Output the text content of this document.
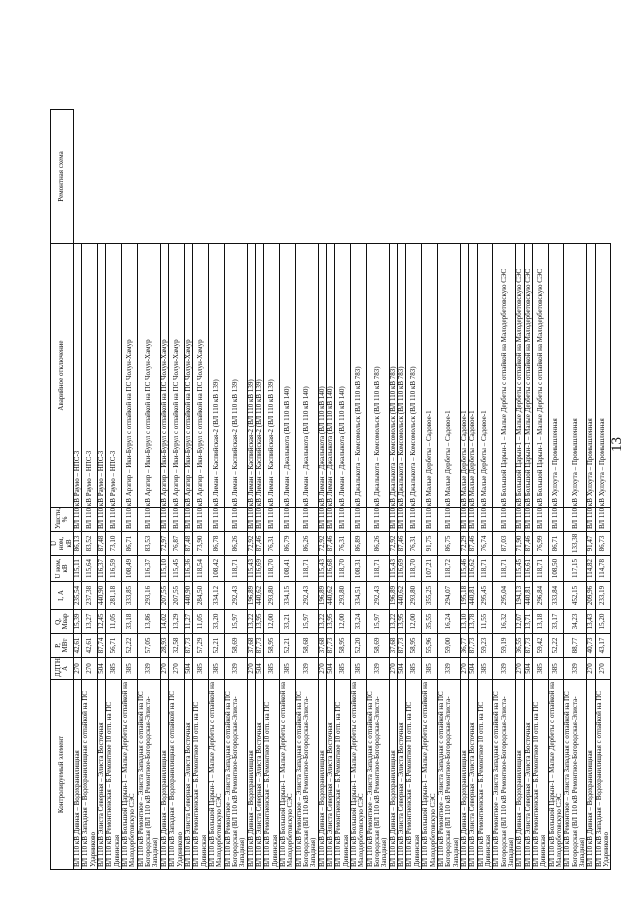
Контролируемый элемент	ДДТН, А	Р, МВт	Q, Мвар	I, А	U ном, кВ	U ном, кВ	Ушстн, %	Аварийное отключение	Ремонтная схема
ВЛ 110 кВ Дивная – Водохранилищная	270	42,61	15,39	235,54	115,11	86,13	ВЛ 110 кВ Раумо – НПС-3		
ВЛ 110 кВ Западная – Водохранилищная с отпайкой на ПС Ударниково	270	42,61	13,27	237,38	115,64	83,52	ВЛ 110 кВ Раумо – НПС-3		
ВЛ 110 кВ Элиста Северная – Элиста Восточная	504	87,74	12,45	440,90	116,37	87,48	ВЛ 110 кВ Раумо – НПС-3		
ВЛ 110 кВ Ремонтненская – Б.Ремонтное 10 отп. на ПС Дивинская	385	56,71	11,05	281,18	116,59	73,10	ВЛ 110 кВ Раумо – НПС-3		
ВЛ 110 кВ Большой Царын-1 – Малые Дербеты с отпайкой на Малодербетовскую СЭС	385	52,22	33,18	333,85	108,49	86,71	ВЛ 110 кВ Арзгир – Ики-Бурул с отпайкой на ПС Чолун-Хамур		
ВЛ 110 кВ Ремонтное – Элиста Западная с отпайкой на ПС Богородская (ВЛ 110 кВ Ремонтное-Богородская-Элиста-Западная)	339	57,05	13,86	293,16	116,37	83,53	ВЛ 110 кВ Арзгир – Ики-Бурул с отпайкой на ПС Чолун-Хамур		
ВЛ 110 кВ Дивная – Водохранилищная	270	28,93	14,02	207,55	115,10	72,97	ВЛ 110 кВ Арзгир – Ики-Бурул с отпайкой на ПС Чолун-Хамур		
ВЛ 110 кВ Западная – Водохранилищная с отпайкой на ПС Ударниково	270	32,58	13,29	207,55	115,45	76,87	ВЛ 110 кВ Арзгир – Ики-Бурул с отпайкой на ПС Чолун-Хамур		
ВЛ 110 кВ Элиста Северная – Элиста Восточная	504	87,73	11,27	440,90	116,36	87,48	ВЛ 110 кВ Арзгир – Ики-Бурул с отпайкой на ПС Чолун-Хамур		
ВЛ 110 кВ Ремонтненская – Б.Ремонтное 10 отп. на ПС Дивинская	385	57,29	11,05	284,50	118,54	73,90	ВЛ 110 кВ Арзгир – Ики-Бурул с отпайкой на ПС Чолун-Хамур		
ВЛ 110 кВ Большой Царын-1 – Малые Дербеты с отпайкой на Малодербетовскую СЭС	385	52,21	33,20	334,12	108,42	86,78	ВЛ 110 кВ Лиман – Каспийская-2 (ВЛ 110 кВ 139)		
ВЛ 110 кВ Ремонтное – Элиста Западная с отпайкой на ПС Богородская (ВЛ 110 кВ Ремонтное-Богородская-Элиста-Западная)	339	58,69	15,97	292,43	118,71	86,26	ВЛ 110 кВ Лиман – Каспийская-2 (ВЛ 110 кВ 139)		
ВЛ 110 кВ Дивная – Водохранилищная	270	37,68	13,22	196,89	115,43	72,92	ВЛ 110 кВ Лиман – Каспийская-2 (ВЛ 110 кВ 139)		
ВЛ 110 кВ Элиста Северная – Элиста Восточная	504	87,73	13,95	440,62	116,69	87,46	ВЛ 110 кВ Лиман – Каспийская-2 (ВЛ 110 кВ 139)		
ВЛ 110 кВ Ремонтненская – Б.Ремонтное 10 отп. на ПС Дивинская	385	58,95	12,00	293,80	118,70	76,31	ВЛ 110 кВ Лиман – Каспийская-2 (ВЛ 110 кВ 139)		
ВЛ 110 кВ Большой Царын-1 – Малые Дербеты с отпайкой на Малодербетовскую СЭС	385	52,21	33,21	334,15	108,41	86,79	ВЛ 110 кВ Лиман – Джалыкота (ВЛ 110 кВ 140)		
ВЛ 110 кВ Ремонтное – Элиста Западная с отпайкой на ПС Богородская (ВЛ 110 кВ Ремонтное-Богородская-Элиста-Западная)	339	58,68	15,97	292,43	118,71	86,26	ВЛ 110 кВ Лиман – Джалыкота (ВЛ 110 кВ 140)		
ВЛ 110 кВ Дивная – Водохранилищная	270	37,68	13,22	196,89	115,43	72,92	ВЛ 110 кВ Лиман – Джалыкота (ВЛ 110 кВ 140)		
ВЛ 110 кВ Элиста Северная – Элиста Восточная	504	87,73	13,95	440,62	116,68	87,46	ВЛ 110 кВ Лиман – Джалыкота (ВЛ 110 кВ 140)		
ВЛ 110 кВ Ремонтненская – Б.Ремонтное 10 отп. на ПС Дивинская	385	58,95	12,00	293,80	118,70	76,31	ВЛ 110 кВ Лиман – Джалыкота (ВЛ 110 кВ 140)		
ВЛ 110 кВ Большой Царын-1 – Малые Дербеты с отпайкой на Малодербетовскую СЭС	385	52,20	33,24	334,51	108,31	86,89	ВЛ 110 кВ Джалыкота – Комсомольск (ВЛ 110 кВ 783)		
ВЛ 110 кВ Ремонтное – Элиста Западная с отпайкой на ПС Богородская (ВЛ 110 кВ Ремонтное-Богородская-Элиста-Западная)	339	58,69	15,97	292,43	118,71	86,26	ВЛ 110 кВ Джалыкота – Комсомольск (ВЛ 110 кВ 783)		
ВЛ 110 кВ Дивная – Водохранилищная	270	37,68	13,22	196,89	115,43	72,92	ВЛ 110 кВ Джалыкота – Комсомольск (ВЛ 110 кВ 783)		
ВЛ 110 кВ Элиста Северная – Элиста Восточная	504	87,73	13,95	440,62	116,69	87,46	ВЛ 110 кВ Джалыкота – Комсомольск (ВЛ 110 кВ 783)		
ВЛ 110 кВ Ремонтненская – Б.Ремонтное 10 отп. на ПС Дивинская	385	58,95	12,00	293,80	118,70	76,31	ВЛ 110 кВ Джалыкота – Комсомольск (ВЛ 110 кВ 783)		
ВЛ 110 кВ Большой Царын-1 – Малые Дербеты с отпайкой на Малодербетовскую СЭС	385	55,96	35,55	355,25	107,21	91,75	ВЛ 110 кВ Малые Дербеты – Садовое-1		
ВЛ 110 кВ Ремонтное – Элиста Западная с отпайкой на ПС Богородская (ВЛ 110 кВ Ремонтное-Богородская-Элиста-Западная)	339	59,00	16,24	294,07	118,72	86,75	ВЛ 110 кВ Малые Дербеты – Садовое-1		
ВЛ 110 кВ Дивная – Водохранилищная	270	36,77	13,10	195,18	115,46	72,29	ВЛ 110 кВ Малые Дербеты – Садовое-1		
ВЛ 110 кВ Элиста Северная – Элиста Восточная	504	87,73	13,78	440,81	116,62	87,46	ВЛ 110 кВ Малые Дербеты – Садовое-1		
ВЛ 110 кВ Ремонтненская – Б.Ремонтное 10 отп. на ПС Дивинская	385	59,23	11,55	295,45	118,71	76,74	ВЛ 110 кВ Малые Дербеты – Садовое-1		
ВЛ 110 кВ Ремонтное – Элиста Западная с отпайкой на ПС Богородская (ВЛ 110 кВ Ремонтное-Богородская-Элиста-Западная)	339	59,19	16,32	295,04	118,71	87,03	ВЛ 110 кВ Большой Царын-1 – Малые Дербеты с отпайкой на Малодербетовскую СЭС		
ВЛ 110 кВ Дивная – Водохранилищная	270	36,55	12,07	194,13	115,45	71,90	ВЛ 110 кВ Большой Царын-1 – Малые Дербеты с отпайкой на Малодербетовскую СЭС		
ВЛ 110 кВ Элиста Северная – Элиста Восточная	504	87,73	13,71	440,81	116,61	87,46	ВЛ 110 кВ Большой Царын-1 – Малые Дербеты с отпайкой на Малодербетовскую СЭС		
ВЛ 110 кВ Ремонтненская – Б.Ремонтное 10 отп. на ПС Дивинская	385	59,42	13,18	296,84	118,71	76,99	ВЛ 110 кВ Большой Царын-1 – Малые Дербеты с отпайкой на Малодербетовскую СЭС		
ВЛ 110 кВ Большой Царын-1 – Малые Дербеты с отпайкой на Малодербетовскую СЭС	385	52,22	33,17	333,84	108,50	86,71	ВЛ 110 кВ Хулхута – Промышленная		
ВЛ 110 кВ Ремонтное – Элиста Западная с отпайкой на ПС Богородская (ВЛ 110 кВ Ремонтное-Богородская-Элиста-Западная)	339	88,77	34,23	452,15	117,15	133,38	ВЛ 110 кВ Хулхута – Промышленная		
ВЛ 110 кВ Дивная – Водохранилищная	270	40,73	13,43	209,96	114,82	91,47	ВЛ 110 кВ Хулхута – Промышленная		
ВЛ 110 кВ Западная – Водохранилищная с отпайкой на ПС Ударниково	270	43,17	15,20	233,19	114,78	86,73	ВЛ 110 кВ Хулхута – Промышленная		13
